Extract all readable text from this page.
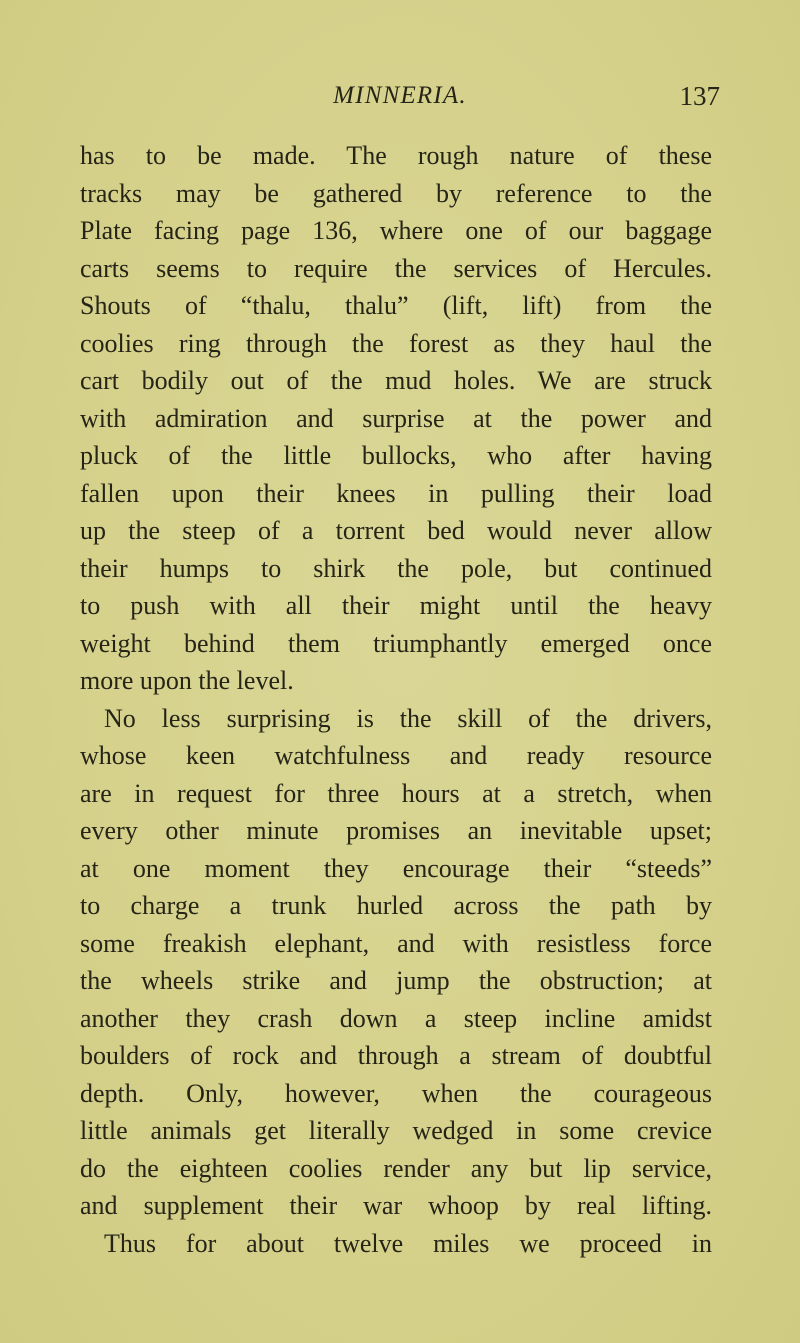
MINNERIA.	137
has to be made. The rough nature of these
tracks may be gathered by reference to the
Plate facing page 136, where one of our baggage
carts seems to require the services of Hercules.
Shouts of “thalu, thalu” (lift, lift) from the
coolies ring through the forest as they haul the
cart bodily out of the mud holes. We are struck
with admiration and surprise at the power and
pluck of the little bullocks, who after having
fallen upon their knees in pulling their load
up the steep of a torrent bed would never allow
their humps to shirk the pole, but continued
to push with all their might until the heavy
weight behind them triumphantly emerged once
more upon the level.
No less surprising is the skill of the drivers,
whose keen watchfulness and ready resource
are in request for three hours at a stretch, when
every other minute promises an inevitable upset;
at one moment they encourage their “steeds”
to charge a trunk hurled across the path by
some freakish elephant, and with resistless force
the wheels strike and jump the obstruction; at
another they crash down a steep incline amidst
boulders of rock and through a stream of doubtful
depth. Only, however, when the courageous
little animals get literally wedged in some crevice
do the eighteen coolies render any but lip service,
and supplement their war whoop by real lifting.
Thus for about twelve miles we proceed in
